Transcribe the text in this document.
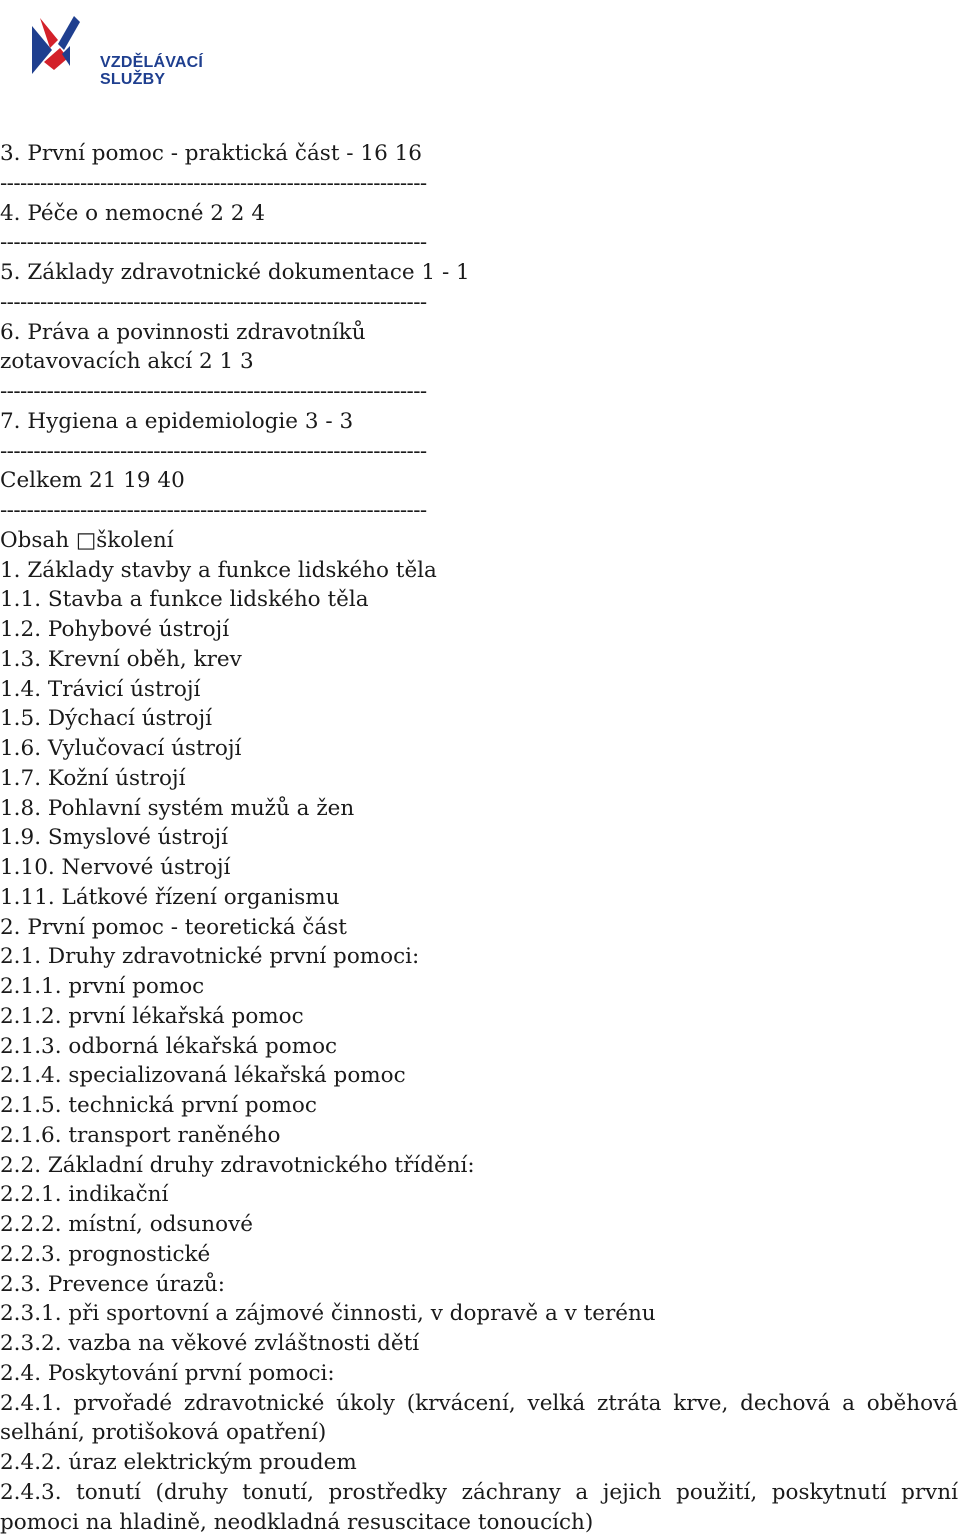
VZDĚLÁVACÍ
SLUŽBY
3. První pomoc - praktická část - 16 16
----------------------------------------------------------------
4. Péče o nemocné 2 2 4
----------------------------------------------------------------
5. Základy zdravotnické dokumentace 1 - 1
----------------------------------------------------------------
6. Práva a povinnosti zdravotníků
zotavovacích akcí 2 1 3
----------------------------------------------------------------
7. Hygiena a epidemiologie 3 - 3
----------------------------------------------------------------
Celkem 21 19 40
----------------------------------------------------------------
Obsah □školení
1. Základy stavby a funkce lidského těla
1.1. Stavba a funkce lidského těla
1.2. Pohybové ústrojí
1.3. Krevní oběh, krev
1.4. Trávicí ústrojí
1.5. Dýchací ústrojí
1.6. Vylučovací ústrojí
1.7. Kožní ústrojí
1.8. Pohlavní systém mužů a žen
1.9. Smyslové ústrojí
1.10. Nervové ústrojí
1.11. Látkové řízení organismu
2. První pomoc - teoretická část
2.1. Druhy zdravotnické první pomoci:
2.1.1. první pomoc
2.1.2. první lékařská pomoc
2.1.3. odborná lékařská pomoc
2.1.4. specializovaná lékařská pomoc
2.1.5. technická první pomoc
2.1.6. transport raněného
2.2. Základní druhy zdravotnického třídění:
2.2.1. indikační
2.2.2. místní, odsunové
2.2.3. prognostické
2.3. Prevence úrazů:
2.3.1. při sportovní a zájmové činnosti, v dopravě a v terénu
2.3.2. vazba na věkové zvláštnosti dětí
2.4. Poskytování první pomoci:
2.4.1. prvořadé zdravotnické úkoly (krvácení, velká ztráta krve, dechová a oběhová selhání, protišoková opatření)
2.4.2. úraz elektrickým proudem
2.4.3. tonutí (druhy tonutí, prostředky záchrany a jejich použití, poskytnutí první pomoci na hladině, neodkladná resuscitace tonoucích)
